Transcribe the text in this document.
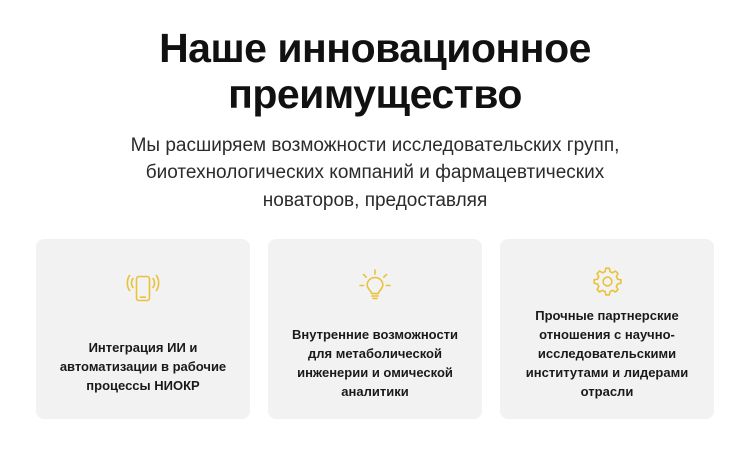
Наше инновационное преимущество

Мы расширяем возможности исследовательских групп, биотехнологических компаний и фармацевтических новаторов, предоставляя

Интеграция ИИ и автоматизации в рабочие процессы НИОКР

Внутренние возможности для метаболической инженерии и омической аналитики

Прочные партнерские отношения с научно-исследовательскими институтами и лидерами отрасли
